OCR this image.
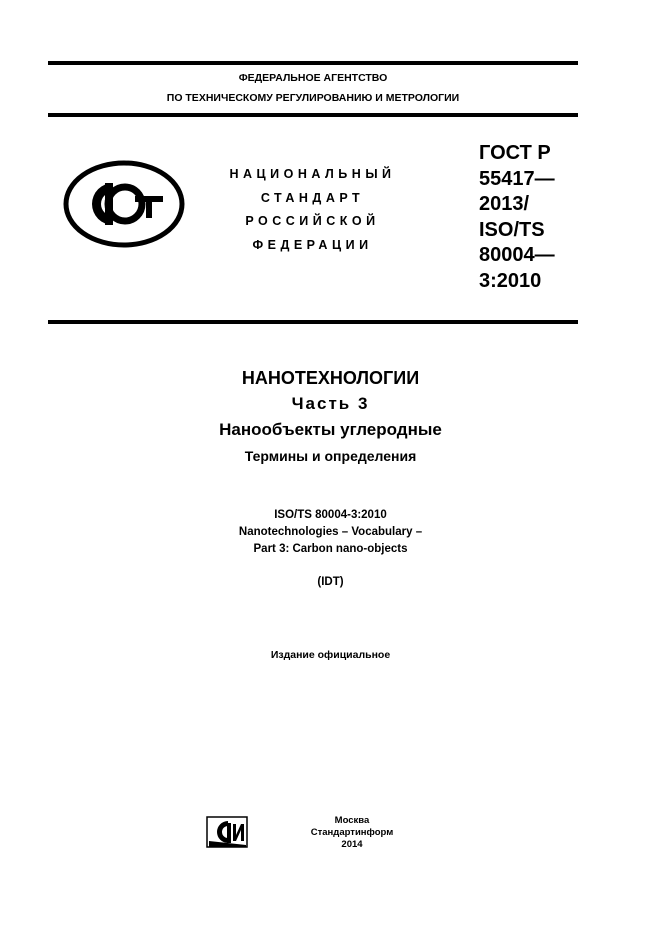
ФЕДЕРАЛЬНОЕ АГЕНТСТВО
ПО ТЕХНИЧЕСКОМУ РЕГУЛИРОВАНИЮ И МЕТРОЛОГИИ
НАЦИОНАЛЬНЫЙ
СТАНДАРТ
РОССИЙСКОЙ
ФЕДЕРАЦИИ
ГОСТ Р
55417—
2013/
ISO/TS
80004—
3:2010
НАНОТЕХНОЛОГИИ
Часть 3
Нанообъекты углеродные
Термины и определения
ISO/TS 80004-3:2010
Nanotechnologies – Vocabulary –
Part 3: Carbon nano-objects
(IDT)
Издание официальное
Москва
Стандартинформ
2014
